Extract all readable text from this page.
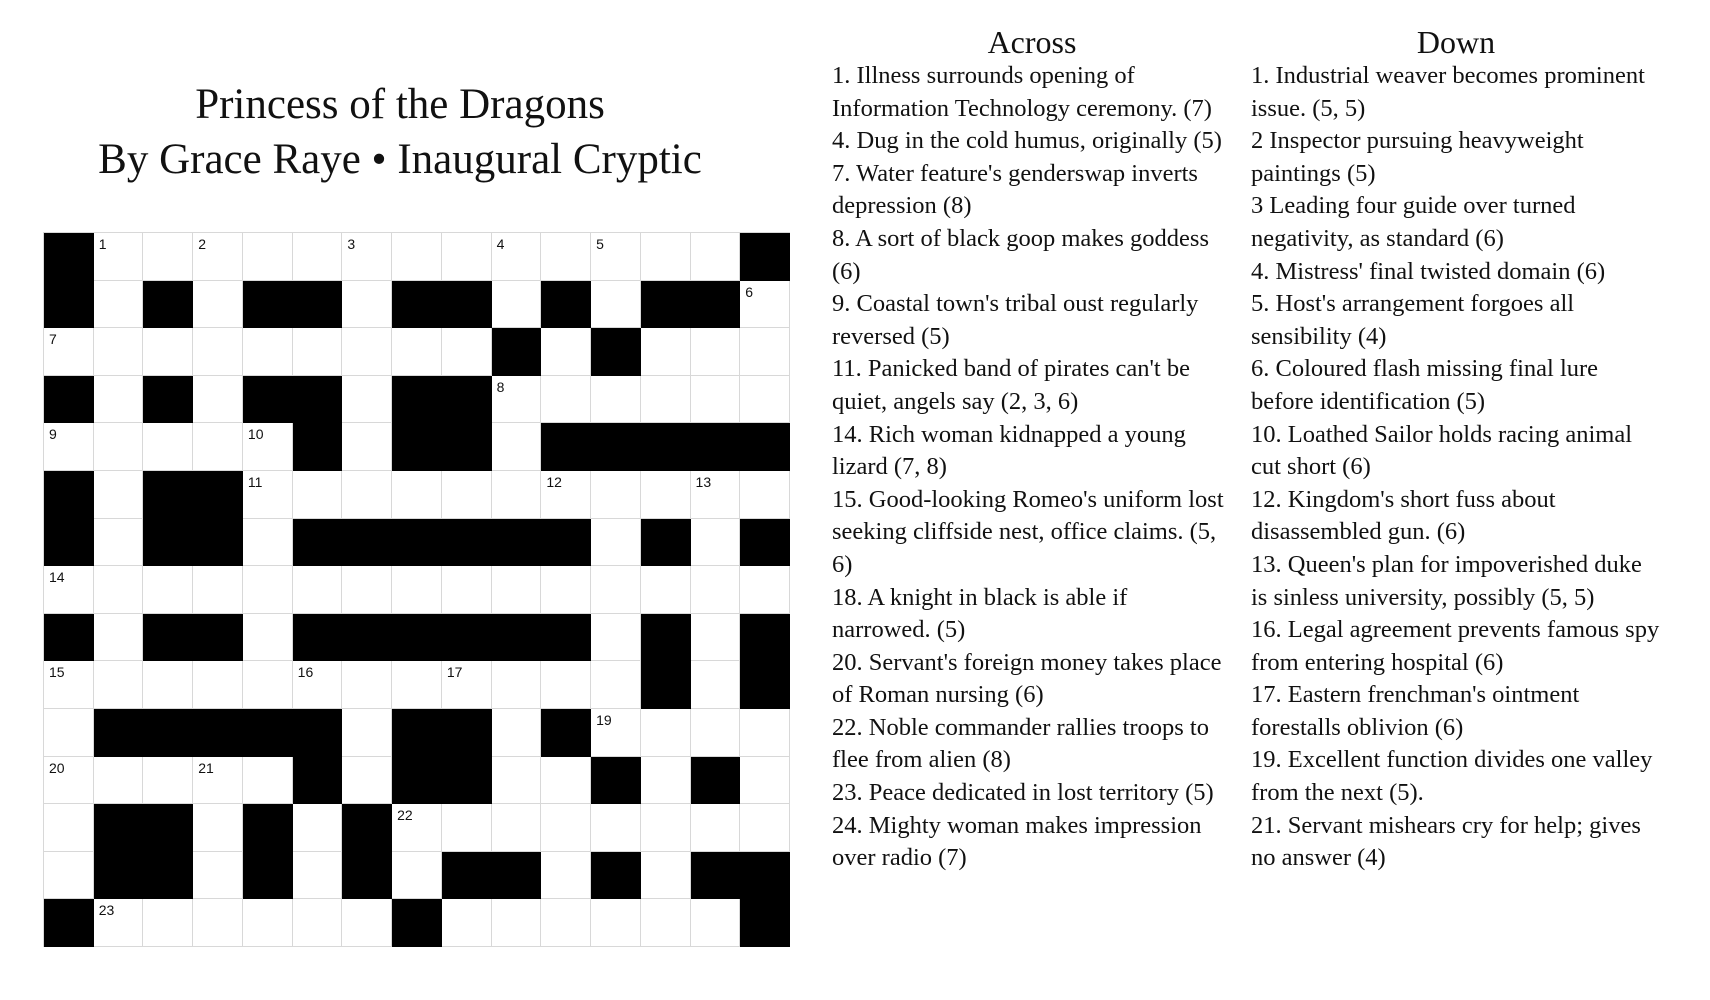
Princess of the Dragons
By Grace Raye • Inaugural Cryptic
1	2	3	4	5
6
7
8
9	10
11	12	13
14
15	16	17
19
20	21
22
23
Across
1. Illness surrounds opening of Information Technology ceremony. (7)
4. Dug in the cold humus, originally (5)
7. Water feature's genderswap inverts depression (8)
8. A sort of black goop makes goddess (6)
9. Coastal town's tribal oust regularly reversed (5)
11. Panicked band of pirates can't be quiet, angels say (2, 3, 6)
14. Rich woman kidnapped a young lizard (7, 8)
15. Good-looking Romeo's uniform lost seeking cliffside nest, office claims. (5, 6)
18. A knight in black is able if narrowed. (5)
20. Servant's foreign money takes place of Roman nursing (6)
22. Noble commander rallies troops to flee from alien (8)
23. Peace dedicated in lost territory (5)
24. Mighty woman makes impression over radio (7)
Down
1. Industrial weaver becomes prominent issue. (5, 5)
2 Inspector pursuing heavyweight paintings (5)
3 Leading four guide over turned negativity, as standard (6)
4. Mistress' final twisted domain (6)
5. Host's arrangement forgoes all sensibility (4)
6. Coloured flash missing final lure before identification (5)
10. Loathed Sailor holds racing animal cut short (6)
12. Kingdom's short fuss about disassembled gun. (6)
13. Queen's plan for impoverished duke is sinless university, possibly (5, 5)
16. Legal agreement prevents famous spy from entering hospital (6)
17. Eastern frenchman's ointment forestalls oblivion (6)
19. Excellent function divides one valley from the next (5).
21. Servant mishears cry for help; gives no answer (4)
